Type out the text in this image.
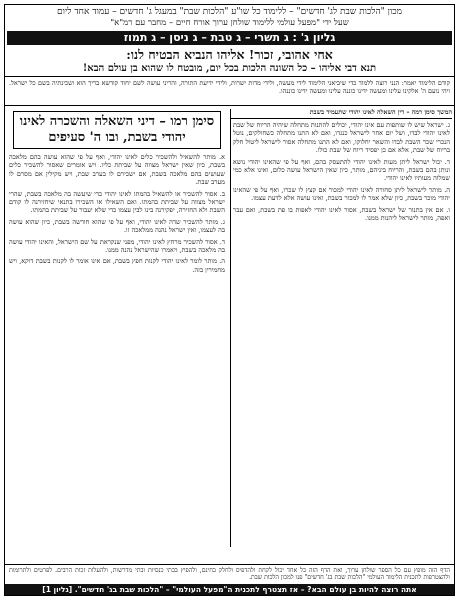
מכון "הלכות שבת לג' חדשים" – ללימוד כל שו"ע "הלכות שבת" במעגל ג' חדשים – עמוד אחד ליום
שעל ידי "מפעל עולמי ללימוד שולחן ערוך אורח חיים – מחבר עם רמ"א"
גליון ג' : ג תשרי – ג טבת – ג ניסן – ג תמוז
אחי אהובי, זכור! אליהו הנביא הבטיח לנו:
תנא דבי אליהו – כל השונה הלכות בכל יום, מובטח לו שהוא בן עולם הבא!
קודם הלימוד יאמר: הנני רוצה ללמוד כדי שיביאני הלימוד לידי מעשה, ולידי מדות ישרות, ולידי ידיעת התורה, והריני עושה לשם יחוד קודשא בריך הוא ושכינתיה בשם כל ישראל. ויהי נועם ה' אלקינו עלינו ומעשה ידינו כוננה עלינו ומעשה ידינו כוננהו.
המשך סימן רמה – דין השאלה לאינו יהודי שתעמיד בשבת

ג. ישראל שיש לו שותפות עם אינו יהודי, יכולים להתנות מתחלה שיהיה הריוח של שבת לאינו יהודי לבדו, ושל יום אחר לישראל כנגדו, ואם לא התנו מתחלה כשחולקים, נוטל הנכרי שכר השבת לבדו והשאר יחלוקו, ואם לא התנו מתחלה אסור לישראל ליטול חלק בריוח של שבת, אלא אם כן יפסיד ריוח של שבת כולו.

ד. יכול ישראל ליתן מעות לאינו יהודי להתעסק בהם, ואף על פי שהאינו יהודי נושא ונותן בהם בשבת, והריוח ביניהם, מותר, כיון שאין הישראל עושה כלום, ואינו אלא כמי שמלוה מעותיו לאינו יהודי.

ה. מותר לישראל ליתן סחורה לאינו יהודי למכור אם קצץ לו שכרו, ואף על פי שהאינו יהודי מוכר בשבת, כיון שלא אמר לו למכור בשבת, ואינו עושה אלא לדעת עצמו.

ו. אם אין בתנור של ישראל בשבת, אסור לאינו יהודי לאפות בו פת בשבת, ואם עבר ואפה, מותר לישראל ליהנות ממנו.

סימן רמו – דיני השאלה והשכרה לאינו יהודי בשבת, ובו ה' סעיפים

א. מותר להשאיל ולהשכיר כלים לאינו יהודי, ואף על פי שהוא עושה בהם מלאכה בשבת, כיון שאין ישראל מצווה על שביתת כליו. ויש אומרים שאסור להשכיר כלים שעושים בהם מלאכה בשבת, אם ישכירם לו בערב שבת, ויש מקילין אם מסרם לו מערב שבת.

ב. אסור להשכיר או להשאיל בהמתו לאינו יהודי כדי שיעשה בה מלאכה בשבת, שהרי ישראל מצווה על שביתת בהמתו. ואם השאילו או השכירו בתנאי שיחזירנה לו קודם השבת ולא החזירה, יפקירנה בינו לבין עצמו כדי שלא יעבור על שביתת בהמתו.

ג. מותר להשכיר שדה לאינו יהודי, ואף על פי שהוא חורשה בשבת, כיון שהוא עושה בה לעצמו, ואין ישראל נהנה ממלאכה זו.

ד. אסור להשכיר מרחץ לאינו יהודי, מפני שנקראת על שם הישראל, והאינו יהודי עושה בה מלאכה בשבת, ויאמרו שהישראל נהנה ממנו.

ה. מותר לומר לאינו יהודי לקנות חפץ בשבת, אם אינו אומר לו לקנות בשבת דוקא, ויש מחמירין בזה.

הדף הזה מופץ עם כל הספר שולחן ערוך, ואת הדף הזה כל אחד יכול לקחת ולהדפיס ולחלק בחינם, ולהפיץ בבתי כנסיות ובתי מדרשות, ולהעלות זכות הרבים. לפרטים ולתרומות ולהצטרפות לתכנית הלימוד העולמי "הלכות שבת בג' חדשים" פנו למכון הלכות שבת.
אתה רוצה להיות בן עולם הבא? – אז תצטרף לתכנית ה"מפעל העולמי" – "הלכות שבת בג' חדשים". [גליון 1]
